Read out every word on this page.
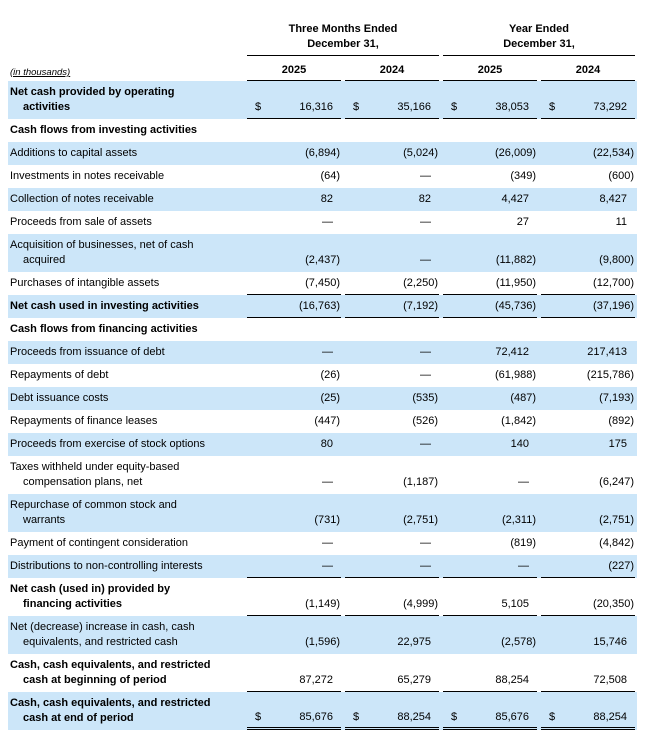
Three Months Ended
December 31,

Year Ended
December 31,

(in thousands)	2025	2024	2025	2024

Net cash provided by operating
activities	$	16,316	$	35,166	$	38,053	$	73,292

Cash flows from investing activities				

Additions to capital assets	(6,894)	(5,024)	(26,009)	(22,534)

Investments in notes receivable	(64)	—	(349)	(600)

Collection of notes receivable	82	82	4,427	8,427

Proceeds from sale of assets	—	—	27	11

Acquisition of businesses, net of cash
acquired	(2,437)	—	(11,882)	(9,800)

Purchases of intangible assets	(7,450)	(2,250)	(11,950)	(12,700)

Net cash used in investing activities	(16,763)	(7,192)	(45,736)	(37,196)

Cash flows from financing activities				

Proceeds from issuance of debt	—	—	72,412	217,413

Repayments of debt	(26)	—	(61,988)	(215,786)

Debt issuance costs	(25)	(535)	(487)	(7,193)

Repayments of finance leases	(447)	(526)	(1,842)	(892)

Proceeds from exercise of stock options	80	—	140	175

Taxes withheld under equity-based
compensation plans, net	—	(1,187)	—	(6,247)

Repurchase of common stock and
warrants	(731)	(2,751)	(2,311)	(2,751)

Payment of contingent consideration	—	—	(819)	(4,842)

Distributions to non-controlling interests	—	—	—	(227)

Net cash (used in) provided by
financing activities	(1,149)	(4,999)	5,105	(20,350)

Net (decrease) increase in cash, cash
equivalents, and restricted cash	(1,596)	22,975	(2,578)	15,746

Cash, cash equivalents, and restricted
cash at beginning of period	87,272	65,279	88,254	72,508

Cash, cash equivalents, and restricted
cash at end of period	$	85,676	$	88,254	$	85,676	$	88,254
